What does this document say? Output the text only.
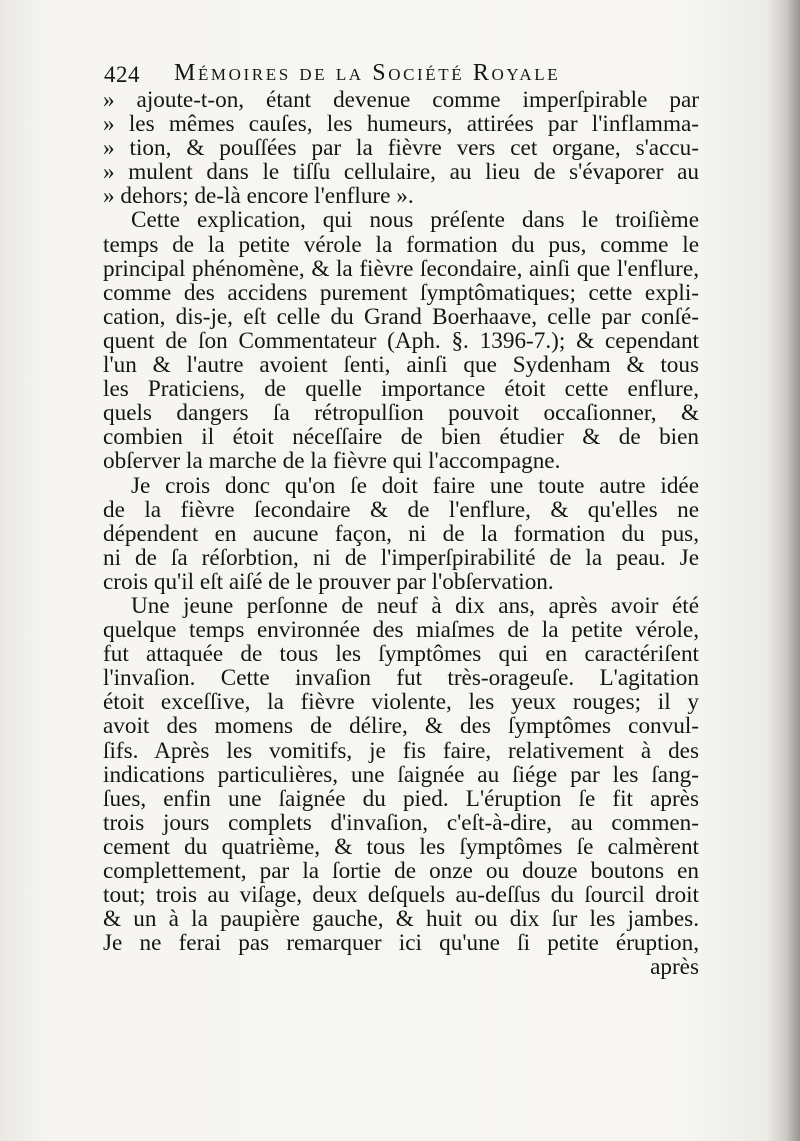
424 Mémoires de la Société Royale
» ajoute-t-on, étant devenue comme imperſpirable par
» les mêmes cauſes, les humeurs, attirées par l'inflamma-
» tion, & pouſſées par la fièvre vers cet organe, s'accu-
» mulent dans le tiſſu cellulaire, au lieu de s'évaporer au
» dehors; de-là encore l'enflure ».
Cette explication, qui nous préſente dans le troiſième
temps de la petite vérole la formation du pus, comme le
principal phénomène, & la fièvre ſecondaire, ainſi que l'enflure,
comme des accidens purement ſymptômatiques; cette expli-
cation, dis-je, eſt celle du Grand Boerhaave, celle par conſé-
quent de ſon Commentateur (Aph. §. 1396-7.); & cependant
l'un & l'autre avoient ſenti, ainſi que Sydenham & tous
les Praticiens, de quelle importance étoit cette enflure,
quels dangers ſa rétropulſion pouvoit occaſionner, &
combien il étoit néceſſaire de bien étudier & de bien
obſerver la marche de la fièvre qui l'accompagne.
Je crois donc qu'on ſe doit faire une toute autre idée
de la fièvre ſecondaire & de l'enflure, & qu'elles ne
dépendent en aucune façon, ni de la formation du pus,
ni de ſa réſorbtion, ni de l'imperſpirabilité de la peau. Je
crois qu'il eſt aiſé de le prouver par l'obſervation.
Une jeune perſonne de neuf à dix ans, après avoir été
quelque temps environnée des miaſmes de la petite vérole,
fut attaquée de tous les ſymptômes qui en caractériſent
l'invaſion. Cette invaſion fut très-orageuſe. L'agitation
étoit exceſſive, la fièvre violente, les yeux rouges; il y
avoit des momens de délire, & des ſymptômes convul-
ſifs. Après les vomitifs, je fis faire, relativement à des
indications particulières, une ſaignée au ſiége par les ſang-
ſues, enfin une ſaignée du pied. L'éruption ſe fit après
trois jours complets d'invaſion, c'eſt-à-dire, au commen-
cement du quatrième, & tous les ſymptômes ſe calmèrent
complettement, par la ſortie de onze ou douze boutons en
tout; trois au viſage, deux deſquels au-deſſus du ſourcil droit
& un à la paupière gauche, & huit ou dix ſur les jambes.
Je ne ferai pas remarquer ici qu'une ſi petite éruption,
après
